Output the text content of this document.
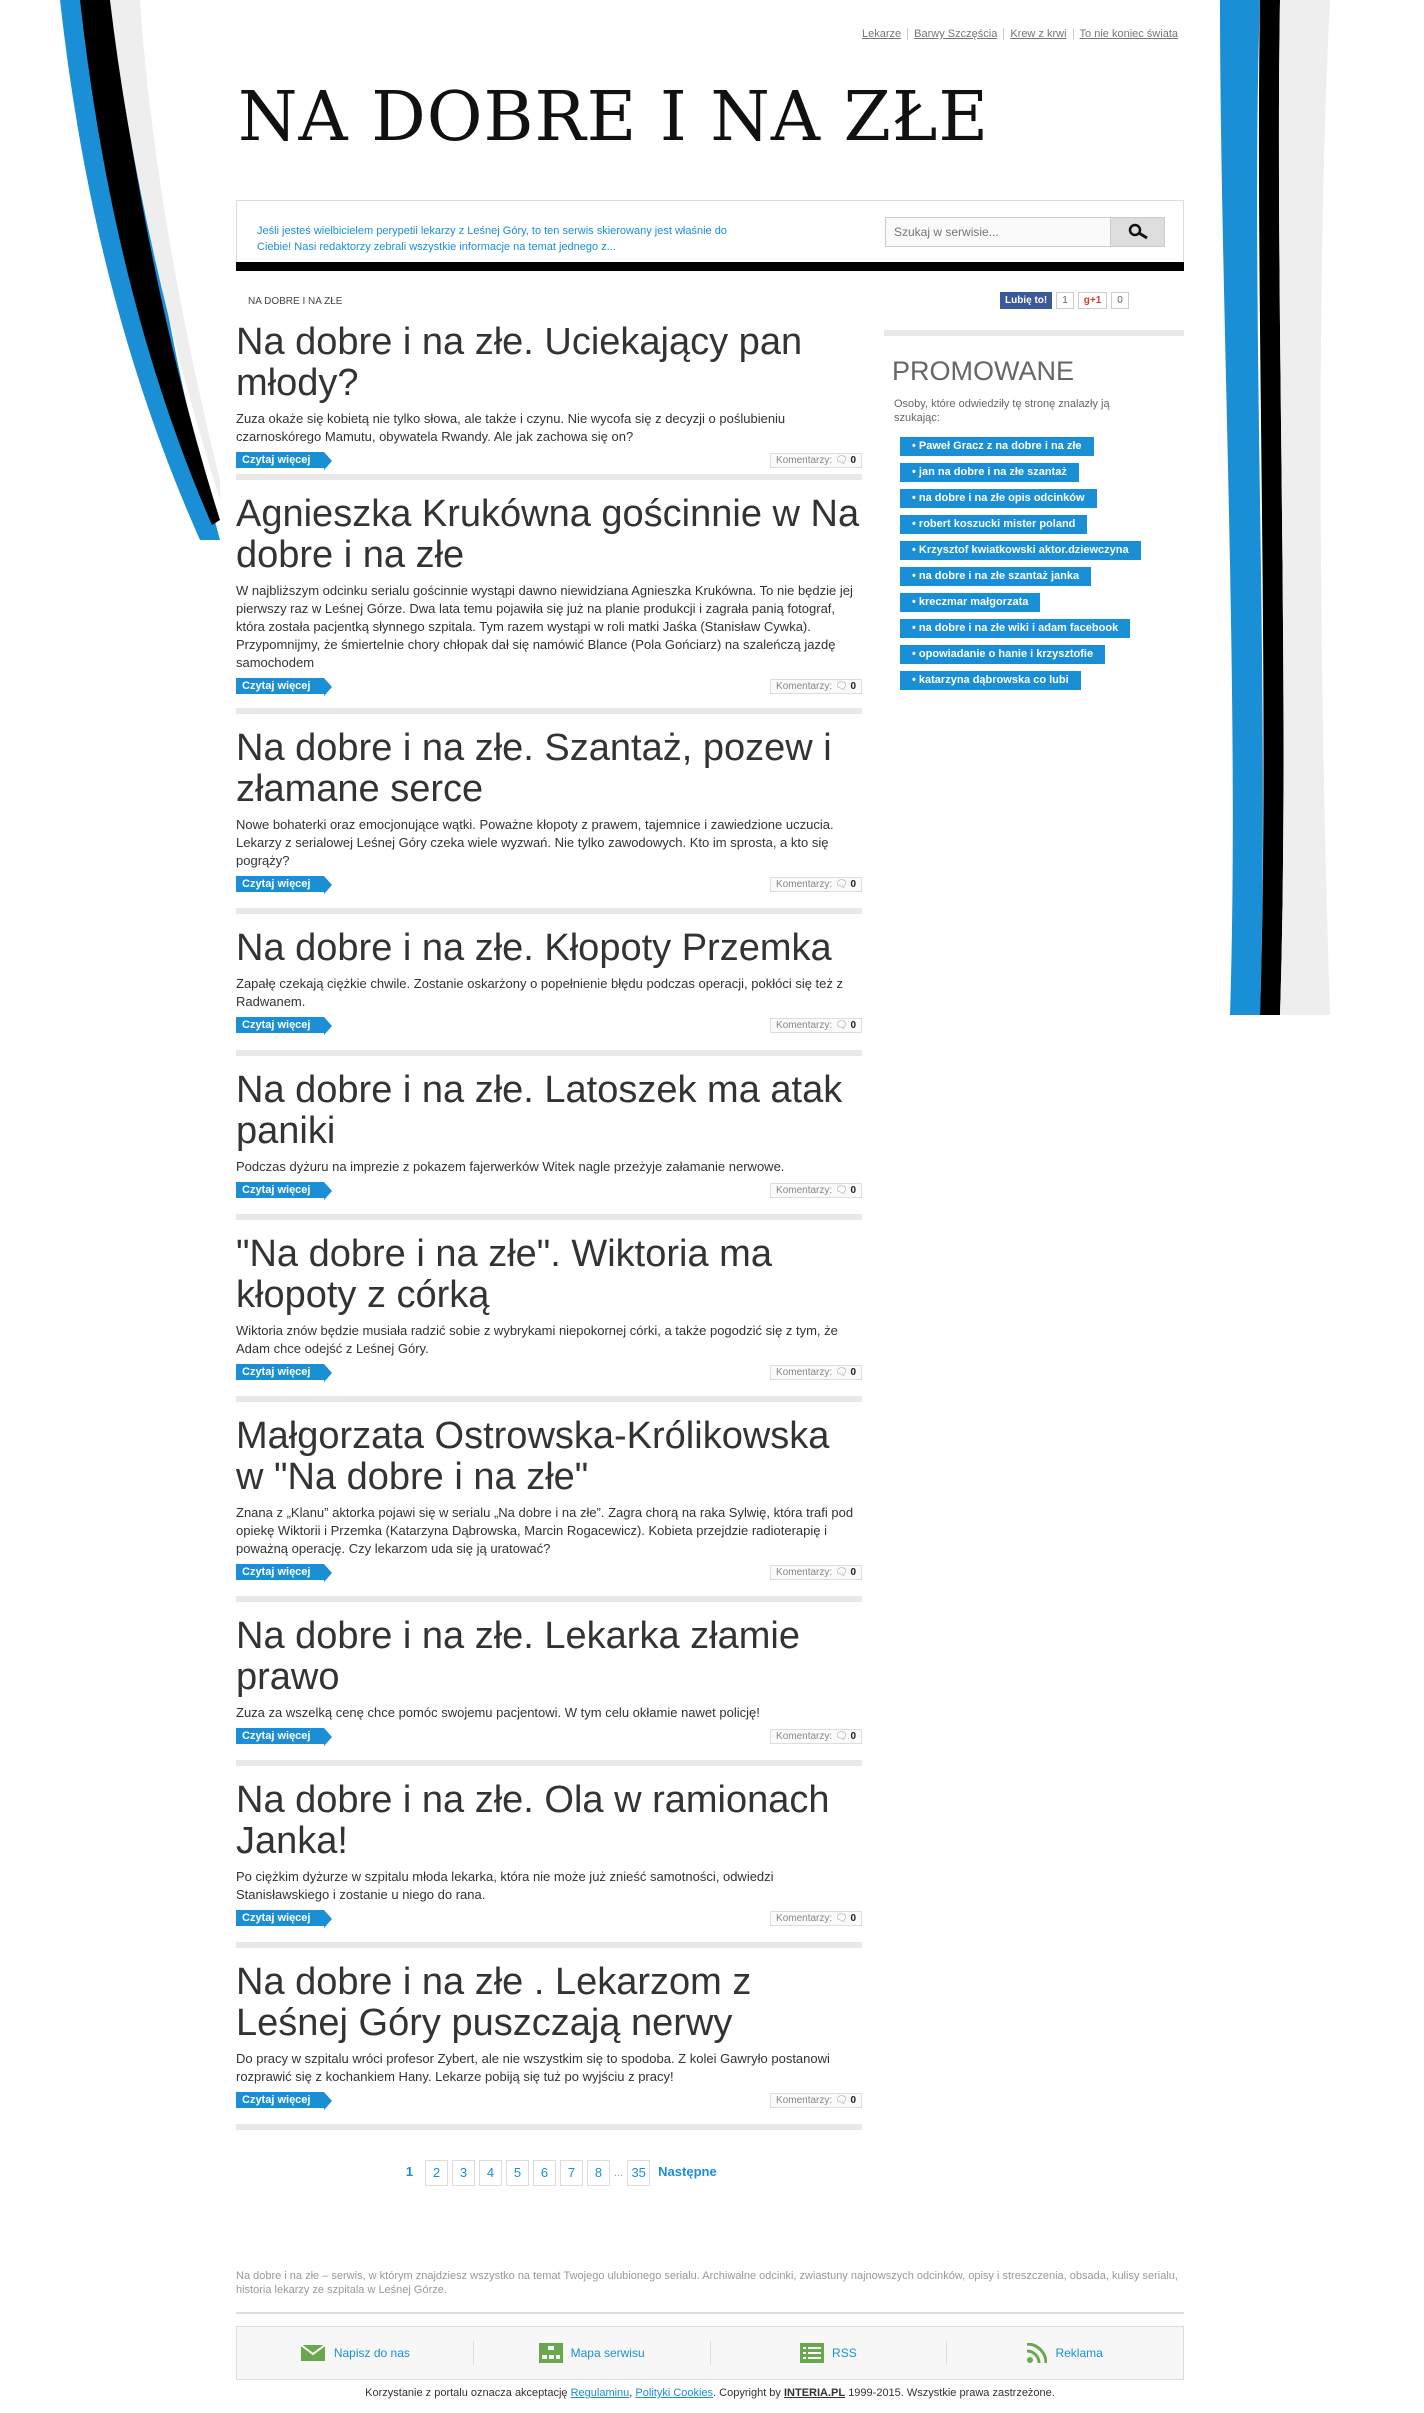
Lekarze	Barwy Szczęścia	Krew z krwi	To nie koniec świata
NA DOBRE I NA ZŁE
Jeśli jesteś wielbicielem perypetii lekarzy z Leśnej Góry, to ten serwis skierowany jest właśnie do Ciebie! Nasi redaktorzy zebrali wszystkie informacje na temat jednego z...
Szukaj w serwisie...
NA DOBRE I NA ZŁE	Lubię to!	1	g+1	0
Na dobre i na złe. Uciekający pan młody?

Zuza okaże się kobietą nie tylko słowa, ale także i czynu. Nie wycofa się z decyzji o poślubieniu czarnoskórego Mamutu, obywatela Rwandy. Ale jak zachowa się on?

Czytaj więcej	Komentarzy: 🗨 0
Agnieszka Krukówna gościnnie w Na dobre i na złe

W najbliższym odcinku serialu gościnnie wystąpi dawno niewidziana Agnieszka Krukówna. To nie będzie jej pierwszy raz w Leśnej Górze. Dwa lata temu pojawiła się już na planie produkcji i zagrała panią fotograf, która została pacjentką słynnego szpitala. Tym razem wystąpi w roli matki Jaśka (Stanisław Cywka). Przypomnijmy, że śmiertelnie chory chłopak dał się namówić Blance (Pola Gońciarz) na szaleńczą jazdę samochodem

Czytaj więcej	Komentarzy: 🗨 0
Na dobre i na złe. Szantaż, pozew i złamane serce

Nowe bohaterki oraz emocjonujące wątki. Poważne kłopoty z prawem, tajemnice i zawiedzione uczucia. Lekarzy z serialowej Leśnej Góry czeka wiele wyzwań. Nie tylko zawodowych. Kto im sprosta, a kto się pogrąży?

Czytaj więcej	Komentarzy: 🗨 0
Na dobre i na złe. Kłopoty Przemka

Zapałę czekają ciężkie chwile. Zostanie oskarżony o popełnienie błędu podczas operacji, pokłóci się też z Radwanem.

Czytaj więcej	Komentarzy: 🗨 0
Na dobre i na złe. Latoszek ma atak paniki

Podczas dyżuru na imprezie z pokazem fajerwerków Witek nagle przeżyje załamanie nerwowe.

Czytaj więcej	Komentarzy: 🗨 0
"Na dobre i na złe". Wiktoria ma kłopoty z córką

Wiktoria znów będzie musiała radzić sobie z wybrykami niepokornej córki, a także pogodzić się z tym, że Adam chce odejść z Leśnej Góry.

Czytaj więcej	Komentarzy: 🗨 0
Małgorzata Ostrowska-Królikowska w "Na dobre i na złe"

Znana z „Klanu” aktorka pojawi się w serialu „Na dobre i na złe”. Zagra chorą na raka Sylwię, która trafi pod opiekę Wiktorii i Przemka (Katarzyna Dąbrowska, Marcin Rogacewicz). Kobieta przejdzie radioterapię i poważną operację. Czy lekarzom uda się ją uratować?

Czytaj więcej	Komentarzy: 🗨 0
Na dobre i na złe. Lekarka złamie prawo

Zuza za wszelką cenę chce pomóc swojemu pacjentowi. W tym celu okłamie nawet policję!

Czytaj więcej	Komentarzy: 🗨 0
Na dobre i na złe. Ola w ramionach Janka!

Po ciężkim dyżurze w szpitalu młoda lekarka, która nie może już znieść samotności, odwiedzi Stanisławskiego i zostanie u niego do rana.

Czytaj więcej	Komentarzy: 🗨 0
Na dobre i na złe . Lekarzom z Leśnej Góry puszczają nerwy

Do pracy w szpitalu wróci profesor Zybert, ale nie wszystkim się to spodoba. Z kolei Gawryło postanowi rozprawić się z kochankiem Hany. Lekarze pobiją się tuż po wyjściu z pracy!

Czytaj więcej	Komentarzy: 🗨 0
PROMOWANE
Osoby, które odwiedziły tę stronę znalazły ją szukając:
• Paweł Gracz z na dobre i na złe
• jan na dobre i na złe szantaż
• na dobre i na złe opis odcinków
• robert koszucki mister poland
• Krzysztof kwiatkowski aktor.dziewczyna
• na dobre i na złe szantaż janka
• kreczmar małgorzata
• na dobre i na złe wiki i adam facebook
• opowiadanie o hanie i krzysztofie
• katarzyna dąbrowska co lubi
1	2	3	4	5	6	7	8	... 35 Następne
Na dobre i na złe – serwis, w którym znajdziesz wszystko na temat Twojego ulubionego serialu. Archiwalne odcinki, zwiastuny najnowszych odcinków, opisy i streszczenia, obsada, kulisy serialu, historia lekarzy ze szpitala w Leśnej Górze.
Napisz do nas	Mapa serwisu	RSS	Reklama
Korzystanie z portalu oznacza akceptację Regulaminu, Polityki Cookies. Copyright by INTERIA.PL 1999-2015. Wszystkie prawa zastrzeżone.
